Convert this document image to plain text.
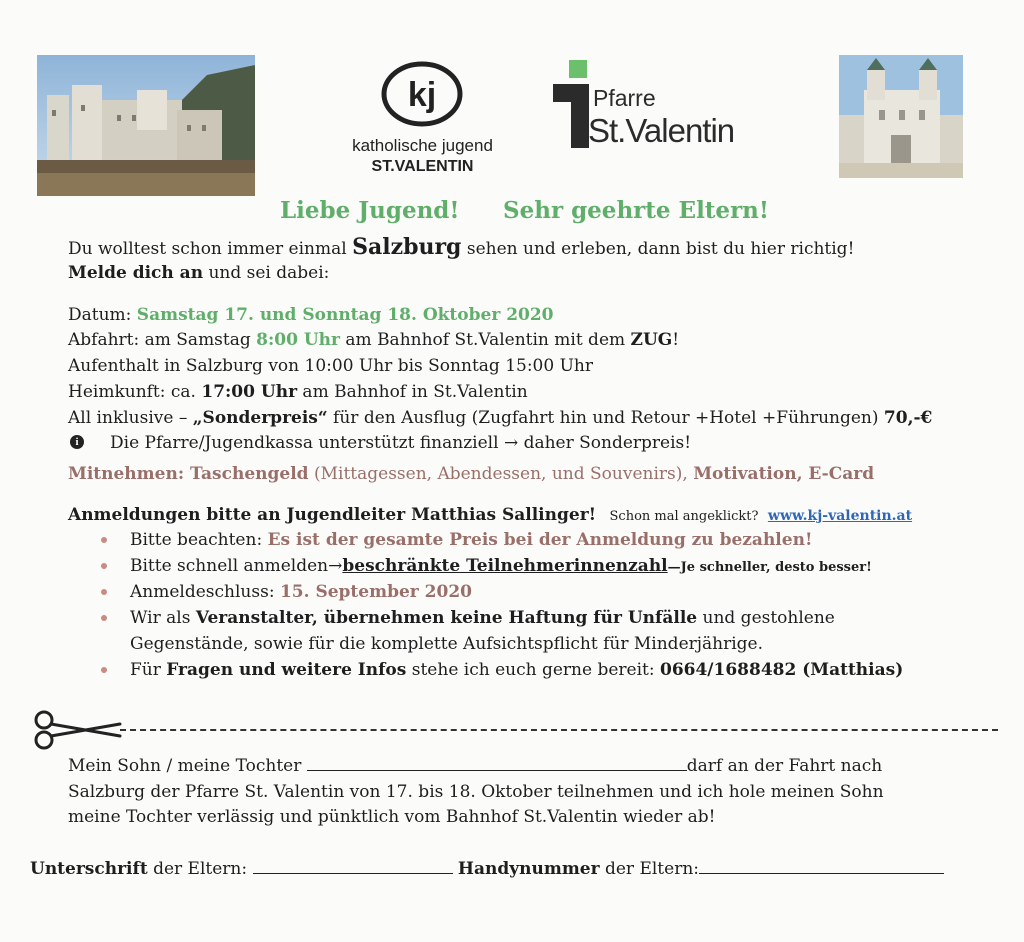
kj
katholische jugend
ST.VALENTIN
Pfarre
St.Valentin
Liebe Jugend! Sehr geehrte Eltern!
Du wolltest schon immer einmal Salzburg sehen und erleben, dann bist du hier richtig!
Melde dich an und sei dabei:
Datum: Samstag 17. und Sonntag 18. Oktober 2020
Abfahrt: am Samstag 8:00 Uhr am Bahnhof St.Valentin mit dem ZUG!
Aufenthalt in Salzburg von 10:00 Uhr bis Sonntag 15:00 Uhr
Heimkunft: ca. 17:00 Uhr am Bahnhof in St.Valentin
All inklusive – „Sonderpreis“ für den Ausflug (Zugfahrt hin und Retour +Hotel +Führungen) 70,-€
i	Die Pfarre/Jugendkassa unterstützt finanziell → daher Sonderpreis!
Mitnehmen: Taschengeld (Mittagessen, Abendessen, und Souvenirs), Motivation, E-Card
Anmeldungen bitte an Jugendleiter Matthias Sallinger! Schon mal angeklickt? www.kj-valentin.at
Bitte beachten: Es ist der gesamte Preis bei der Anmeldung zu bezahlen!
Bitte schnell anmelden→beschränkte Teilnehmerinnenzahl—Je schneller, desto besser!
Anmeldeschluss: 15. September 2020
Wir als Veranstalter, übernehmen keine Haftung für Unfälle und gestohlene
Gegenstände, sowie für die komplette Aufsichtspflicht für Minderjährige.
Für Fragen und weitere Infos stehe ich euch gerne bereit: 0664/1688482 (Matthias)
Mein Sohn / meine Tochter	darf an der Fahrt nach
Salzburg der Pfarre St. Valentin von 17. bis 18. Oktober teilnehmen und ich hole meinen Sohn
meine Tochter verlässig und pünktlich vom Bahnhof St.Valentin wieder ab!
Unterschrift der Eltern:	Handynummer der Eltern:
